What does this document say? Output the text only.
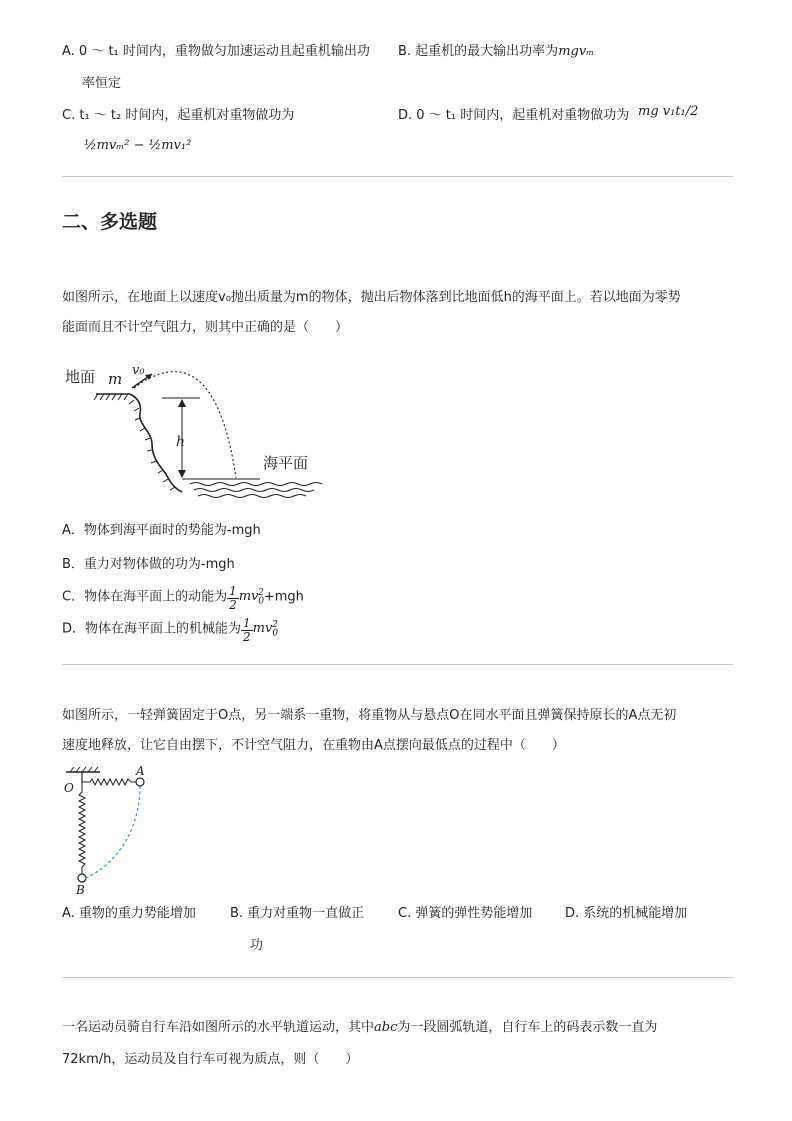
A. 0 ～ t₁ 时间内，重物做匀加速运动且起重机输出功
率恒定
B. 起重机的最大输出功率为mgvₘ
C. t₁ ～ t₂ 时间内，起重机对重物做功为
½mvₘ² − ½mv₁²
D. 0 ～ t₁ 时间内，起重机对重物做功为 mg v₁t₁/2
二、多选题
如图所示，在地面上以速度v₀抛出质量为m的物体，抛出后物体落到比地面低h的海平面上。若以地面为零势
能面而且不计空气阻力，则其中正确的是（　　）
地面 m v₀
h
海平面
A．物体到海平面时的势能为-mgh
B．重力对物体做的功为-mgh
C．物体在海平面上的动能为 $\frac{1}{2} mv_0^2+mgh$
D．物体在海平面上的机械能为 $\frac{1}{2} mv_0^2$
如图所示，一轻弹簧固定于O点，另一端系一重物，将重物从与悬点O在同水平面且弹簧保持原长的A点无初
速度地释放，让它自由摆下，不计空气阻力，在重物由A点摆向最低点的过程中（　　）
O
A
B
A. 重物的重力势能增加	B. 重力对重物一直做正
功
C. 弹簧的弹性势能增加	D. 系统的机械能增加
一名运动员骑自行车沿如图所示的水平轨道运动，其中abc为一段圆弧轨道，自行车上的码表示数一直为
72km/h，运动员及自行车可视为质点，则（　　）
